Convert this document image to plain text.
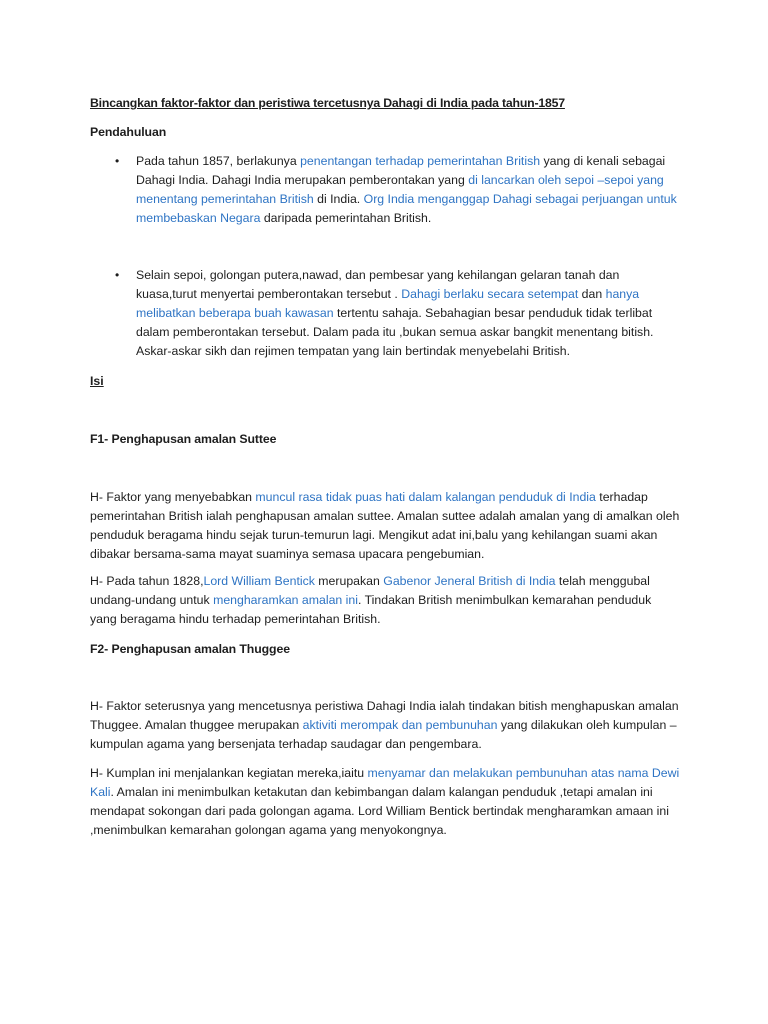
Bincangkan faktor-faktor dan peristiwa tercetusnya Dahagi di India pada tahun-1857
Pendahuluan
•	Pada tahun 1857, berlakunya penentangan terhadap pemerintahan British yang di kenali sebagai Dahagi India. Dahagi India merupakan pemberontakan yang di lancarkan oleh sepoi –sepoi yang menentang pemerintahan British di India. Org India menganggap Dahagi sebagai perjuangan untuk membebaskan Negara daripada pemerintahan British.
•	Selain sepoi, golongan putera,nawad, dan pembesar yang kehilangan gelaran tanah dan kuasa,turut menyertai pemberontakan tersebut . Dahagi berlaku secara setempat dan hanya melibatkan beberapa buah kawasan tertentu sahaja. Sebahagian besar penduduk tidak terlibat dalam pemberontakan tersebut. Dalam pada itu ,bukan semua askar bangkit menentang bitish. Askar-askar sikh dan rejimen tempatan yang lain bertindak menyebelahi British.
Isi
F1- Penghapusan amalan Suttee
H- Faktor yang menyebabkan muncul rasa tidak puas hati dalam kalangan penduduk di India terhadap pemerintahan British ialah penghapusan amalan suttee. Amalan suttee adalah amalan yang di amalkan oleh penduduk beragama hindu sejak turun-temurun lagi. Mengikut adat ini,balu yang kehilangan suami akan dibakar bersama-sama mayat suaminya semasa upacara pengebumian.
H- Pada tahun 1828,Lord William Bentick merupakan Gabenor Jeneral British di India telah menggubal undang-undang untuk mengharamkan amalan ini. Tindakan British menimbulkan kemarahan penduduk yang beragama hindu terhadap pemerintahan British.
F2- Penghapusan amalan Thuggee
H- Faktor seterusnya yang mencetusnya peristiwa Dahagi India ialah tindakan bitish menghapuskan amalan Thuggee. Amalan thuggee merupakan aktiviti merompak dan pembunuhan yang dilakukan oleh kumpulan –kumpulan agama yang bersenjata terhadap saudagar dan pengembara.
H- Kumplan ini menjalankan kegiatan mereka,iaitu menyamar dan melakukan pembunuhan atas nama Dewi Kali. Amalan ini menimbulkan ketakutan dan kebimbangan dalam kalangan penduduk ,tetapi amalan ini mendapat sokongan dari pada golongan agama. Lord William Bentick bertindak mengharamkan amaan ini ,menimbulkan kemarahan golongan agama yang menyokongnya.
